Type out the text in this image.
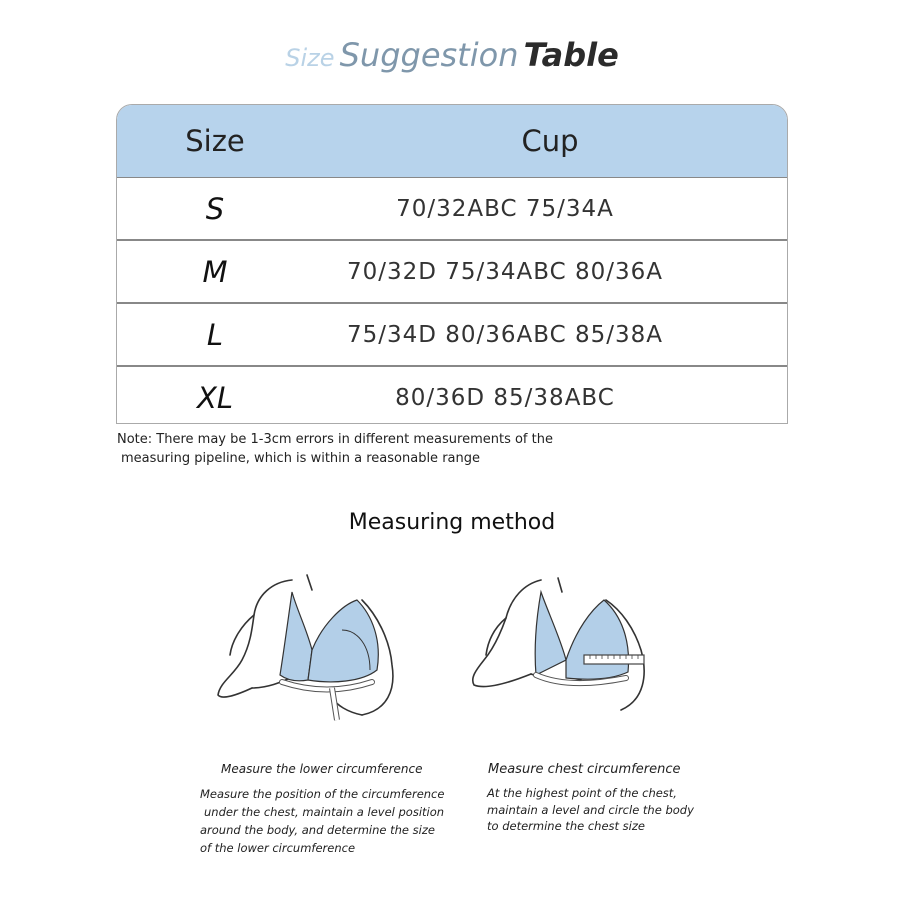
Size Suggestion Table
Size	Cup
S	70/32ABC 75/34A
M	70/32D 75/34ABC 80/36A
L	75/34D 80/36ABC 85/38A
XL	80/36D 85/38ABC
Note: There may be 1-3cm errors in different measurements of the
measuring pipeline, which is within a reasonable range
Measuring method
Measure the lower circumference
Measure the position of the circumference
under the chest, maintain a level position
around the body, and determine the size
of the lower circumference
Measure chest circumference
At the highest point of the chest,
maintain a level and circle the body
to determine the chest size
